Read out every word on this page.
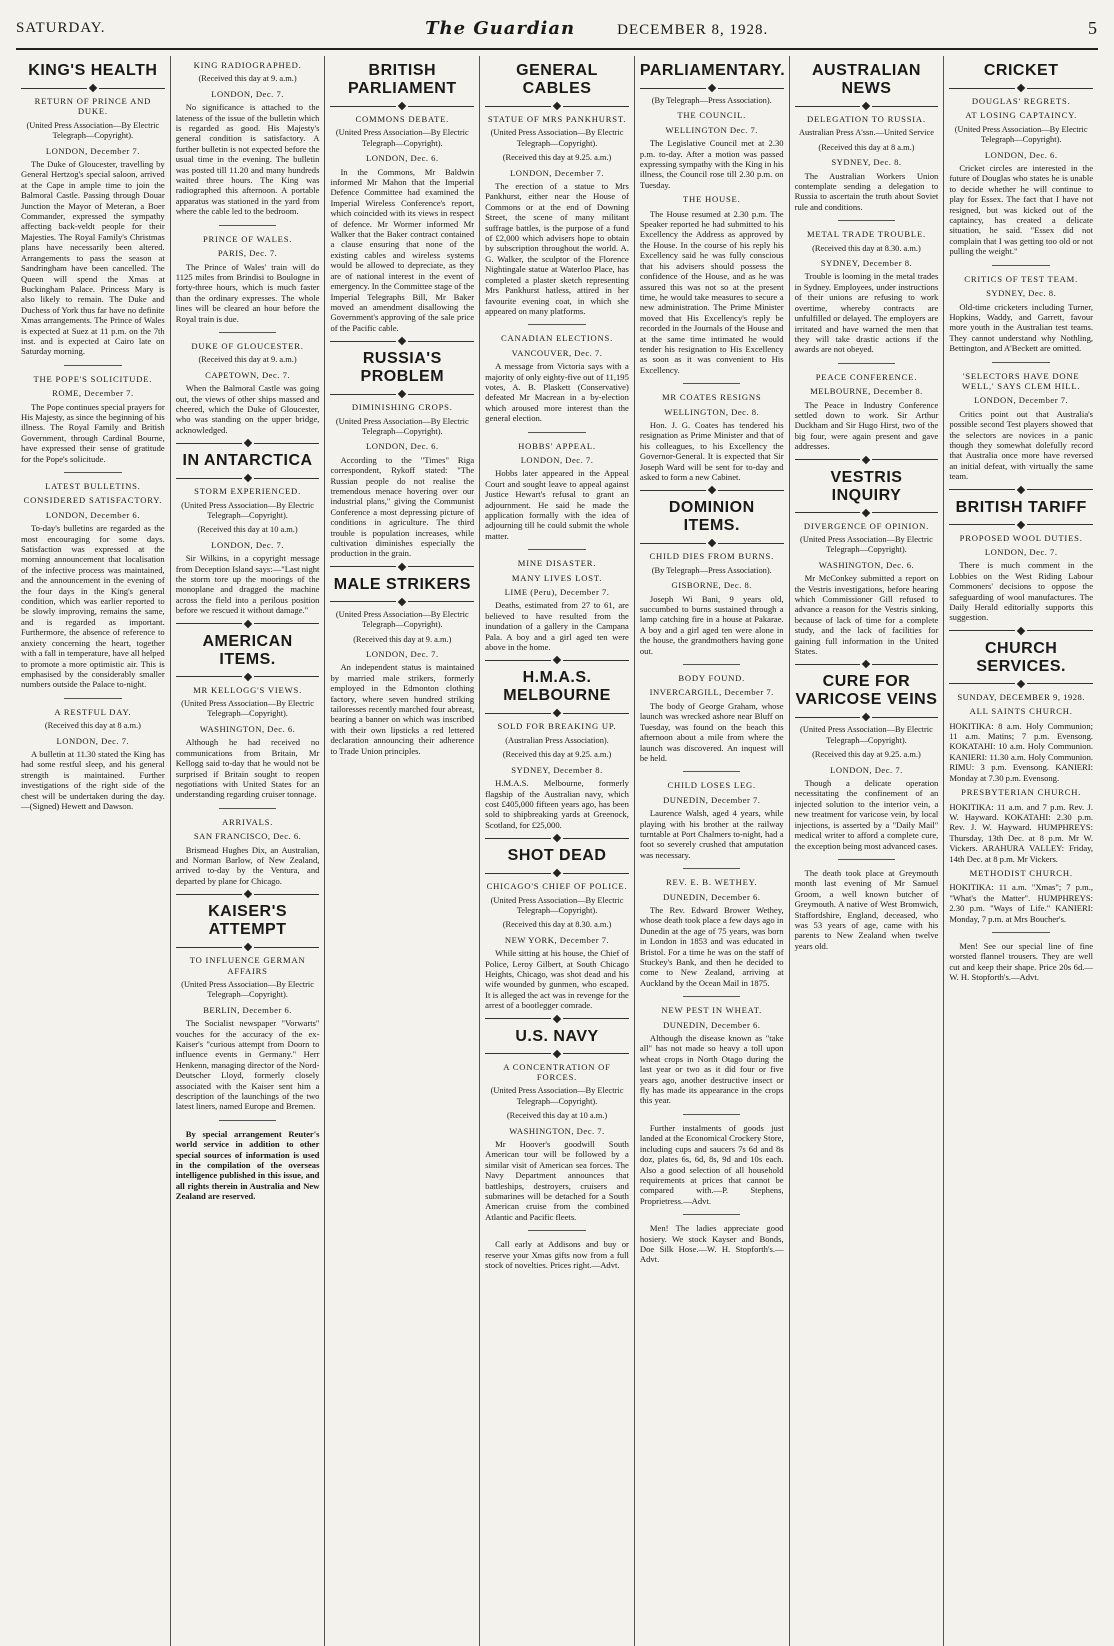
SATURDAY.	The Guardian	DECEMBER 8, 1928.	5
KING'S HEALTH
RETURN OF PRINCE AND DUKE.
(United Press Association—By Electric Telegraph—Copyright).
LONDON, December 7.

The Duke of Gloucester, travelling by General Hertzog's special saloon, arrived at the Cape in ample time to join the Balmoral Castle. Passing through Douar Junction the Mayor of Meteran, a Boer Commander, expressed the sympathy affecting back-veldt people for their Majesties. The Royal Family's Christmas plans have necessarily been altered. Arrangements to pass the season at Sandringham have been cancelled. The Queen will spend the Xmas at Buckingham Palace. Princess Mary is also likely to remain. The Duke and Duchess of York thus far have no definite Xmas arrangements. The Prince of Wales is expected at Suez at 11 p.m. on the 7th inst. and is expected at Cairo late on Saturday morning.

THE POPE'S SOLICITUDE.
ROME, December 7.

The Pope continues special prayers for His Majesty, as since the beginning of his illness. The Royal Family and British Government, through Cardinal Bourne, have expressed their sense of gratitude for the Pope's solicitude.

LATEST BULLETINS.
CONSIDERED SATISFACTORY.
LONDON, December 6.

To-day's bulletins are regarded as the most encouraging for some days. Satisfaction was expressed at the morning announcement that localisation of the infective process was maintained, and the announcement in the evening of the four days in the King's general condition, which was earlier reported to be slowly improving, remains the same, and is regarded as important. Furthermore, the absence of reference to anxiety concerning the heart, together with a fall in temperature, have all helped to promote a more optimistic air. This is emphasised by the considerably smaller numbers outside the Palace to-night.

A RESTFUL DAY.
(Received this day at 8 a.m.)
LONDON, Dec. 7.

A bulletin at 11.30 stated the King has had some restful sleep, and his general strength is maintained. Further investigations of the right side of the chest will be undertaken during the day.—(Signed) Hewett and Dawson.

KING RADIOGRAPHED.
(Received this day at 9. a.m.)
LONDON, Dec. 7.

No significance is attached to the lateness of the issue of the bulletin which is regarded as good. His Majesty's general condition is satisfactory. A further bulletin is not expected before the usual time in the evening. The bulletin was posted till 11.20 and many hundreds waited three hours. The King was radiographed this afternoon. A portable apparatus was stationed in the yard from where the cable led to the bedroom.

PRINCE OF WALES.
PARIS, Dec. 7.

The Prince of Wales' train will do 1125 miles from Brindisi to Boulogne in forty-three hours, which is much faster than the ordinary expresses. The whole lines will be cleared an hour before the Royal train is due.

DUKE OF GLOUCESTER.
(Received this day at 9. a.m.)
CAPETOWN, Dec. 7.

When the Balmoral Castle was going out, the views of other ships massed and cheered, which the Duke of Gloucester, who was standing on the upper bridge, acknowledged.

IN ANTARCTICA
STORM EXPERIENCED.
(United Press Association—By Electric Telegraph—Copyright).
(Received this day at 10 a.m.)
LONDON, Dec. 7.

Sir Wilkins, in a copyright message from Deception Island says:—"Last night the storm tore up the moorings of the monoplane and dragged the machine across the field into a perilous position before we rescued it without damage."

AMERICAN ITEMS.
MR KELLOGG'S VIEWS.
(United Press Association—By Electric Telegraph—Copyright).
WASHINGTON, Dec. 6.

Although he had received no communications from Britain, Mr Kellogg said to-day that he would not be surprised if Britain sought to reopen negotiations with United States for an understanding regarding cruiser tonnage.

ARRIVALS.
SAN FRANCISCO, Dec. 6.

Brismead Hughes Dix, an Australian, and Norman Barlow, of New Zealand, arrived to-day by the Ventura, and departed by plane for Chicago.

KAISER'S ATTEMPT
TO INFLUENCE GERMAN AFFAIRS
(United Press Association—By Electric Telegraph—Copyright).
BERLIN, December 6.

The Socialist newspaper "Vorwarts" vouches for the accuracy of the ex-Kaiser's "curious attempt from Doorn to influence events in Germany." Herr Henkenn, managing director of the Nord-Deutscher Lloyd, formerly closely associated with the Kaiser sent him a description of the launchings of the two latest liners, named Europe and Bremen.

By special arrangement Reuter's world service in addition to other special sources of information is used in the compilation of the overseas intelligence published in this issue, and all rights therein in Australia and New Zealand are reserved.

BRITISH PARLIAMENT
COMMONS DEBATE.
(United Press Association—By Electric Telegraph—Copyright).
LONDON, Dec. 6.

In the Commons, Mr Baldwin informed Mr Mahon that the Imperial Defence Committee had examined the Imperial Wireless Conference's report, which coincided with its views in respect of defence. Mr Wormer informed Mr Walker that the Baker contract contained a clause ensuring that none of the existing cables and wireless systems would be allowed to depreciate, as they are of national interest in the event of emergency. In the Committee stage of the Imperial Telegraphs Bill, Mr Baker moved an amendment disallowing the Government's approving of the sale price of the Pacific cable.

RUSSIA'S PROBLEM
DIMINISHING CROPS.
(United Press Association—By Electric Telegraph—Copyright).
LONDON, Dec. 6.

According to the "Times" Riga correspondent, Rykoff stated: "The Russian people do not realise the tremendous menace hovering over our industrial plans," giving the Communist Conference a most depressing picture of conditions in agriculture. The third trouble is population increases, while cultivation diminishes especially the production in the grain.

MALE STRIKERS
(United Press Association—By Electric Telegraph—Copyright).
(Received this day at 9. a.m.)
LONDON, Dec. 7.

An independent status is maintained by married male strikers, formerly employed in the Edmonton clothing factory, where seven hundred striking tailoresses recently marched four abreast, bearing a banner on which was inscribed with their own lipsticks a red lettered declaration announcing their adherence to Trade Union principles.

GENERAL CABLES
STATUE OF MRS PANKHURST.
(United Press Association—By Electric Telegraph—Copyright).
(Received this day at 9.25. a.m.)
LONDON, December 7.

The erection of a statue to Mrs Pankhurst, either near the House of Commons or at the end of Downing Street, the scene of many militant suffrage battles, is the purpose of a fund of £2,000 which advisers hope to obtain by subscription throughout the world. A. G. Walker, the sculptor of the Florence Nightingale statue at Waterloo Place, has completed a plaster sketch representing Mrs Pankhurst hatless, attired in her favourite evening coat, in which she appeared on many platforms.

CANADIAN ELECTIONS.
VANCOUVER, Dec. 7.

A message from Victoria says with a majority of only eighty-five out of 11,195 votes, A. B. Plaskett (Conservative) defeated Mr Macrean in a by-election which aroused more interest than the general election.

HOBBS' APPEAL.
LONDON, Dec. 7.

Hobbs later appeared in the Appeal Court and sought leave to appeal against Justice Hewart's refusal to grant an adjournment. He said he made the application formally with the idea of adjourning till he could submit the whole matter.

MINE DISASTER.
MANY LIVES LOST.
LIME (Peru), December 7.

Deaths, estimated from 27 to 61, are believed to have resulted from the inundation of a gallery in the Campana Pala. A boy and a girl aged ten were above in the home.

H.M.A.S. MELBOURNE
SOLD FOR BREAKING UP.
(Australian Press Association).
(Received this day at 9.25. a.m.)
SYDNEY, December 8.

H.M.A.S. Melbourne, formerly flagship of the Australian navy, which cost £405,000 fifteen years ago, has been sold to shipbreaking yards at Greenock, Scotland, for £25,000.

SHOT DEAD
CHICAGO'S CHIEF OF POLICE.
(United Press Association—By Electric Telegraph—Copyright).
(Received this day at 8.30. a.m.)
NEW YORK, December 7.

While sitting at his house, the Chief of Police, Leroy Gilbert, at South Chicago Heights, Chicago, was shot dead and his wife wounded by gunmen, who escaped. It is alleged the act was in revenge for the arrest of a bootlegger comrade.

U.S. NAVY
A CONCENTRATION OF FORCES.
(United Press Association—By Electric Telegraph—Copyright).
(Received this day at 10 a.m.)
WASHINGTON, Dec. 7.

Mr Hoover's goodwill South American tour will be followed by a similar visit of American sea forces. The Navy Department announces that battleships, destroyers, cruisers and submarines will be detached for a South American cruise from the combined Atlantic and Pacific fleets.

Call early at Addisons and buy or reserve your Xmas gifts now from a full stock of novelties. Prices right.—Advt.

PARLIAMENTARY.
(By Telegraph—Press Association).
THE COUNCIL.
WELLINGTON Dec. 7.

The Legislative Council met at 2.30 p.m. to-day. After a motion was passed expressing sympathy with the King in his illness, the Council rose till 2.30 p.m. on Tuesday.

THE HOUSE.

The House resumed at 2.30 p.m. The Speaker reported he had submitted to his Excellency the Address as approved by the House. In the course of his reply his Excellency said he was fully conscious that his advisers should possess the confidence of the House, and as he was assured this was not so at the present time, he would take measures to secure a new administration. The Prime Minister moved that His Excellency's reply be recorded in the Journals of the House and at the same time intimated he would tender his resignation to His Excellency as soon as it was convenient to His Excellency.

MR COATES RESIGNS
WELLINGTON, Dec. 8.

Hon. J. G. Coates has tendered his resignation as Prime Minister and that of his colleagues, to his Excellency the Governor-General. It is expected that Sir Joseph Ward will be sent for to-day and asked to form a new Cabinet.

DOMINION ITEMS.
CHILD DIES FROM BURNS.
(By Telegraph—Press Association).
GISBORNE, Dec. 8.

Joseph Wi Bani, 9 years old, succumbed to burns sustained through a lamp catching fire in a house at Pakarae. A boy and a girl aged ten were alone in the house, the grandmothers having gone out.

BODY FOUND.
INVERCARGILL, December 7.

The body of George Graham, whose launch was wrecked ashore near Bluff on Tuesday, was found on the beach this afternoon about a mile from where the launch was discovered. An inquest will be held.

CHILD LOSES LEG.
DUNEDIN, December 7.

Laurence Walsh, aged 4 years, while playing with his brother at the railway turntable at Port Chalmers to-night, had a foot so severely crushed that amputation was necessary.

REV. E. B. WETHEY.
DUNEDIN, December 6.

The Rev. Edward Brower Wethey, whose death took place a few days ago in Dunedin at the age of 75 years, was born in London in 1853 and was educated in Bristol. For a time he was on the staff of Stuckey's Bank, and then he decided to come to New Zealand, arriving at Auckland by the Ocean Mail in 1875.

NEW PEST IN WHEAT.
DUNEDIN, December 6.

Although the disease known as "take all" has not made so heavy a toll upon wheat crops in North Otago during the last year or two as it did four or five years ago, another destructive insect or fly has made its appearance in the crops this year.

Further instalments of goods just landed at the Economical Crockery Store, including cups and saucers 7s 6d and 8s doz, plates 6s, 6d, 8s, 9d and 10s each. Also a good selection of all household requirements at prices that cannot be compared with.—P. Stephens, Proprietress.—Advt.

Men! The ladies appreciate good hosiery. We stock Kayser and Bonds, Doe Silk Hose.—W. H. Stopforth's.—Advt.

AUSTRALIAN NEWS
DELEGATION TO RUSSIA.
Australian Press A'ssn.—United Service
(Received this day at 8 a.m.)
SYDNEY, Dec. 8.

The Australian Workers Union contemplate sending a delegation to Russia to ascertain the truth about Soviet rule and conditions.

METAL TRADE TROUBLE.
(Received this day at 8.30. a.m.)
SYDNEY, December 8.

Trouble is looming in the metal trades in Sydney. Employees, under instructions of their unions are refusing to work overtime, whereby contracts are unfulfilled or delayed. The employers are irritated and have warned the men that they will take drastic actions if the awards are not obeyed.

PEACE CONFERENCE.
MELBOURNE, December 8.

The Peace in Industry Conference settled down to work. Sir Arthur Duckham and Sir Hugo Hirst, two of the big four, were again present and gave addresses.

VESTRIS INQUIRY
DIVERGENCE OF OPINION.
(United Press Association—By Electric Telegraph—Copyright).
WASHINGTON, Dec. 6.

Mr McConkey submitted a report on the Vestris investigations, before hearing which Commissioner Gill refused to advance a reason for the Vestris sinking, because of lack of time for a complete study, and the lack of facilities for gaining full information in the United States.

CURE FOR VARICOSE VEINS
(United Press Association—By Electric Telegraph—Copyright).
(Received this day at 9.25. a.m.)
LONDON, Dec. 7.

Though a delicate operation necessitating the confinement of an injected solution to the interior vein, a new treatment for varicose vein, by local injections, is asserted by a "Daily Mail" medical writer to afford a complete cure, the exception being most advanced cases.

The death took place at Greymouth month last evening of Mr Samuel Groom, a well known butcher of Greymouth. A native of West Bromwich, Staffordshire, England, deceased, who was 53 years of age, came with his parents to New Zealand when twelve years old.

CRICKET
DOUGLAS' REGRETS.
AT LOSING CAPTAINCY.
(United Press Association—By Electric Telegraph—Copyright).
LONDON, Dec. 6.

Cricket circles are interested in the future of Douglas who states he is unable to decide whether he will continue to play for Essex. The fact that I have not resigned, but was kicked out of the captaincy, has created a delicate situation, he said. "Essex did not complain that I was getting too old or not pulling the weight."

CRITICS OF TEST TEAM.
SYDNEY, Dec. 8.

Old-time cricketers including Turner, Hopkins, Waddy, and Garrett, favour more youth in the Australian test teams. They cannot understand why Nothling, Bettington, and A'Beckett are omitted.

'SELECTORS HAVE DONE WELL,' SAYS CLEM HILL.
LONDON, December 7.

Critics point out that Australia's possible second Test players showed that the selectors are novices in a panic though they somewhat dolefully record that Australia once more have reversed an initial defeat, with virtually the same team.

BRITISH TARIFF
PROPOSED WOOL DUTIES.
LONDON, Dec. 7.

There is much comment in the Lobbies on the West Riding Labour Commoners' decisions to oppose the safeguarding of wool manufactures. The Daily Herald editorially supports this suggestion.

CHURCH SERVICES.
SUNDAY, DECEMBER 9, 1928.
ALL SAINTS CHURCH.

HOKITIKA: 8 a.m. Holy Communion; 11 a.m. Matins; 7 p.m. Evensong. KOKATAHI: 10 a.m. Holy Communion. KANIERI: 11.30 a.m. Holy Communion. RIMU: 3 p.m. Evensong. KANIERI: Monday at 7.30 p.m. Evensong.

PRESBYTERIAN CHURCH.

HOKITIKA: 11 a.m. and 7 p.m. Rev. J. W. Hayward. KOKATAHI: 2.30 p.m. Rev. J. W. Hayward. HUMPHREYS: Thursday, 13th Dec. at 8 p.m. Mr W. Vickers. ARAHURA VALLEY: Friday, 14th Dec. at 8 p.m. Mr Vickers.

METHODIST CHURCH.

HOKITIKA: 11 a.m. "Xmas"; 7 p.m., "What's the Matter". HUMPHREYS: 2.30 p.m. "Ways of Life." KANIERI: Monday, 7 p.m. at Mrs Boucher's.

Men! See our special line of fine worsted flannel trousers. They are well cut and keep their shape. Price 20s 6d.—W. H. Stopforth's.—Advt.
